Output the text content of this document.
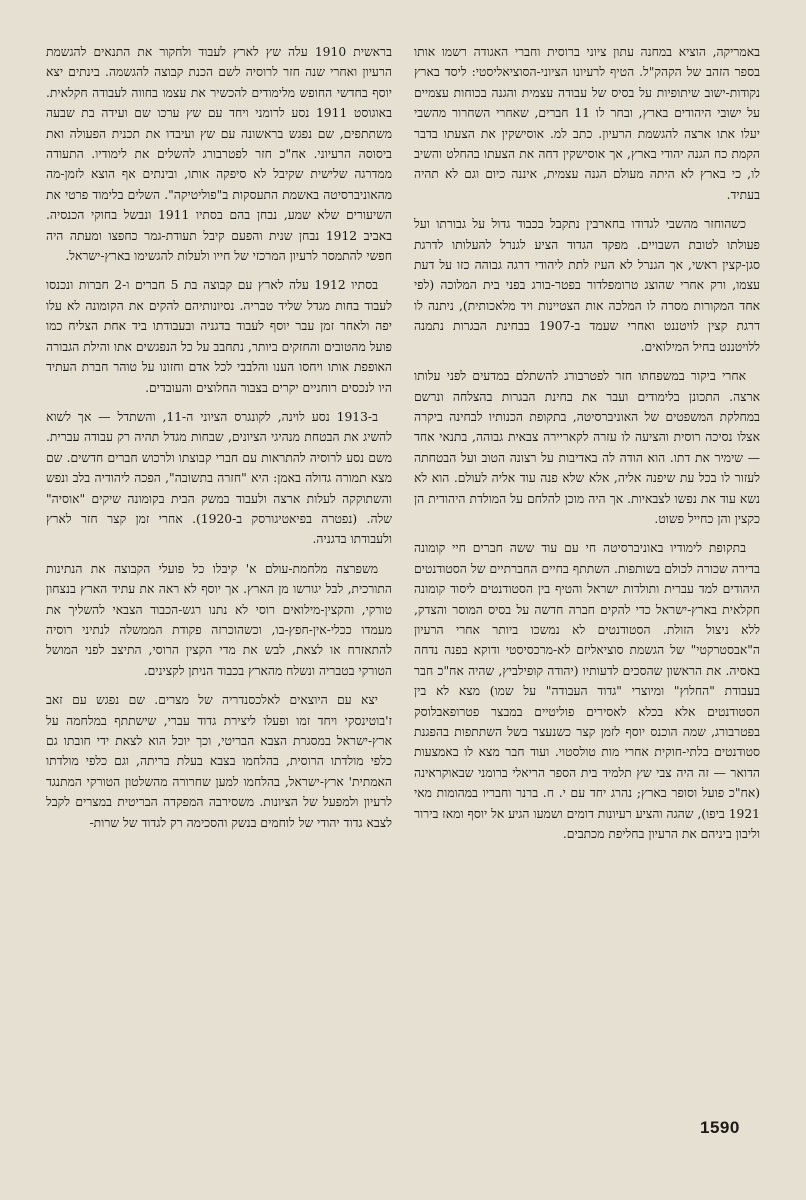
בראשית 1910 עלה שץ לארץ לעבוד ולחקור את התנאים להגשמת הרעיון ואחרי שנה חזר לרוסיה לשם הכנת קבוצה להגשמה. בינתים יצא יוסף בחדשי החופש מלימודים להכשיר את עצמו בחווה לעבודה חקלאית. באוגוסט 1911 נסע לרומני ויחד עם שץ ערכו שם ועידה בת שבעה משתתפים, שם נפגש בראשונה עם שץ ועיבדו את תכנית הפעולה ואת ביסוסה הרעיוני. אח"כ חזר לפטרבורג להשלים את לימודיו. התעודה ממדרגה שלישית שקיבל לא סיפקה אותו, ובינתים אף הוצא לזמן-מה מהאוניברסיטה באשמת התעסקות ב"פוליטיקה". השלים בלימוד פרטי את השיעורים שלא שמע, נבחן בהם בסתיו 1911 ונבשל בחוקי הכנסיה. באביב 1912 נבחן שנית והפעם קיבל תעודת-גמר כחפצו ומעתה היה חפשי להתמסר לרעיון המרכזי של חייו ולעלות להגשימו בארץ-ישראל.

בסתיו 1912 עלה לארץ עם קבוצה בת 5 חברים ו-2 חברות ונכנסו לעבוד בחות מגדל שליד טבריה. נסיונותיהם להקים את הקומונה לא עלו יפה ולאחר זמן עבר יוסף לעבוד בדגניה ובעבודתו ביד אחת הצליח כמו פועל מהטובים והחזקים ביותר, נתחבב על כל הנפגשים אתו והילת הגבורה האופפת אותו ויחסו הענו והלבבי לכל אדם וחזונו על טוהר חברת העתיד היו לנכסים רוחניים יקרים בצבור החלוצים והעובדים.

ב-1913 נסע לוינה, לקונגרס הציוני ה-11, והשתדל — אך לשוא להשיג את הבטחת מנהיגי הציונים, שבחות מגדל תהיה רק עבודה עברית. משם נסע לרוסיה להתראות עם חברי קבוצתו ולרכוש חברים חדשים. שם מצא תמורה גדולה באמן: היא "חזרה בתשובה", הפכה ליהודיה בלב ונפש והשתוקקה לעלות ארצה ולעבוד במשק הבית בקומונה שיקים "אוסיה" שלה. (נפטרה בפיאטיגורסק ב-1920). אחרי זמן קצר חזר לארץ ולעבודתו בדגניה.

משפרצה מלחמת-עולם א' קיבלו כל פועלי הקבוצה את הנתינות התורכית, לבל יגורשו מן הארץ. אך יוסף לא ראה את עתיד הארץ בנצחון טורקי, והקצין-מילואים רוסי לא נתנו רגש-הכבוד הצבאי להשליך את מעמדו ככלי-אין-חפץ-בו, וכשהוכרזה פקודת הממשלה לנתיני רוסיה להתאזרח או לצאת, לבש את מדי הקצין הרוסי, התיצב לפני המושל הטורקי בטבריה ונשלח מהארץ בכבוד הניתן לקצינים.

יצא עם היוצאים לאלכסנדריה של מצרים. שם נפגש עם זאב ז'בוטינסקי ויחד זמו ופעלו ליצירת גדוד עברי, שישתתף במלחמה על ארץ-ישראל במסגרת הצבא הבריטי, וכך יוכל הוא לצאת ידי חובתו גם כלפי מולדתו הרוסית, בהלחמו בצבא בעלת בריתה, וגם כלפי מולדתו האמתית' ארץ-ישראל, בהלחמו למען שחרורה מהשלטון הטורקי המתנגד לרעיון ולמפעל של הציונות. משסירבה המפקדה הבריטית במצרים לקבל לצבא גדוד יהודי של לוחמים בנשק והסכימה רק לגדוד של שרות-

באמריקה, הוציא במחנה עתון ציוני ברוסית וחברי האגודה רשמו אותו בספר הזהב של הקהק"ל. הטיף לרעיונו הציוני-הסוציאליסטי: ליסד בארץ נקודות-ישוב שיתופיות על בסיס של עבודה עצמית והגנה בכוחות עצמיים על ישובי היהודים בארץ, ובחר לו 11 חברים, שאחרי השחרור מהשבי יעלו אתו ארצה להגשמת הרעיון. כתב למ. אוסישקין את הצעתו בדבר הקמת כח הגנה יהודי בארץ, אך אוסישקין דחה את הצעתו בהחלט והשיב לו, כי בארץ לא היתה מעולם הגנה עצמית, איננה כיום וגם לא תהיה בעתיד.

כשהוחזר מהשבי לגדודו בחארבין נתקבל בכבוד גדול על גבורתו ועל פעולתו לטובת השבויים. מפקד הגדוד הציע לגנרל להעלותו לדרגת סגן-קצין ראשי, אך הגנרל לא העיז לתת ליהודי דרגה גבוהה כזו על דעת עצמו, ורק אחרי שהוצג טרומפלדור בפטר-בורג בפני בית המלוכה (לפי אחד המקורות מסרה לו המלכה אות הצטיינות ויד מלאכותית), ניתנה לו דרגת קצין לויטננט ואחרי שעמד ב-1907 בבחינת הבגרות נתמנה ללויטננט בחיל המילואים.

אחרי ביקור במשפחתו חזר לפטרבורג להשתלם במדעים לפני עלותו ארצה. התכונן בלימודים ועבר את בחינת הבגרות בהצלחה ונרשם במחלקת המשפטים של האוניברסיטה, בתקופת הכנותיו לבחינה ביקרה אצלו נסיכה רוסית והציעה לו עזרה לקאריירה צבאית גבוהה, בתנאי אחד — שימיר את דתו. הוא הודה לה באדיבות על רצונה הטוב ועל הבטחתה לעזור לו בכל עת שיפנה אליה, אלא שלא פנה עוד אליה לעולם. הוא לא נשא עוד את נפשו לצבאיות. אך היה מוכן להלחם על המולדת היהודית הן כקצין והן כחייל פשוט.

בתקופת לימודיו באוניברסיטה חי עם עוד ששה חברים חיי קומונה בדירה שכורה לכולם בשותפות. השתתף בחיים החברתיים של הסטודנטים היהודים למד עברית ותולדות ישראל והטיף בין הסטודנטים ליסוד קומונה חקלאית בארץ-ישראל כדי להקים חברה חדשה על בסיס המוסר והצדק, ללא ניצול הזולת. הסטודנטים לא נמשכו ביותר אחרי הרעיון ה"אבסטרקטי" של הגשמת סוציאליזם לא-מרכסיסטי ודוקא בפנה נדחה באסיה. את הראשון שהסכים לדעותיו (יהודה קופילביץ, שהיה אח"כ חבר בעבודת "החלוץ" ומיוצרי "גדוד העבודה" על שמו) מצא לא בין הסטודנטים אלא בכלא לאסירים פוליטיים במבצר פטרופאבלוסק בפטרבורג, שמה הוכנס יוסף לזמן קצר כשנעצר בשל השתתפות בהפגנת סטודנטים בלתי-חוקית אחרי מות טולסטוי. ועוד חבר מצא לו באמצעות הדואר — זה היה צבי שץ תלמיד בית הספר הריאלי ברומני שבאוקראינה (אח"כ פועל וסופר בארץ; נהרג יחד עם י. ח. ברנר וחבריו במהומות מאי 1921 ביפו), שהגה והציע רעיונות דומים ושמעו הגיע אל יוסף ומאז בירור וליבון ביניהם את הרעיון בחליפת מכתבים.

1590
